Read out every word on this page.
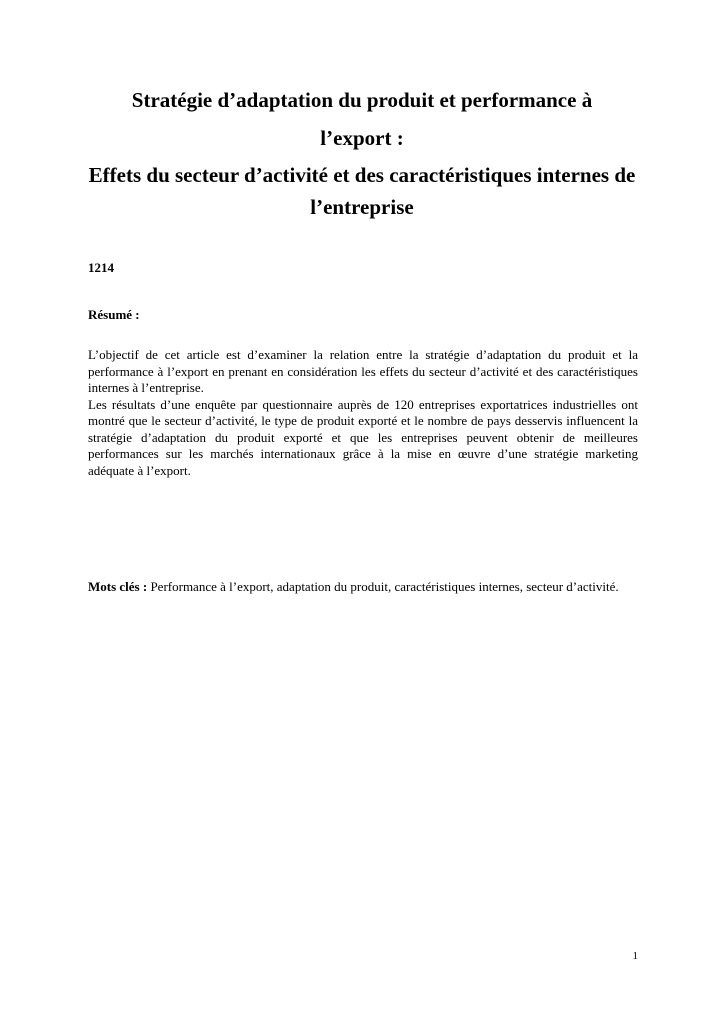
Stratégie d’adaptation du produit et performance à
l’export :
Effets du secteur d’activité et des caractéristiques internes de l’entreprise
1214
Résumé :

L’objectif de cet article est d’examiner la relation entre la stratégie d’adaptation du produit et la performance à l’export en prenant en considération les effets du secteur d’activité et des caractéristiques internes à l’entreprise.

Les résultats d’une enquête par questionnaire auprès de 120 entreprises exportatrices industrielles ont montré que le secteur d’activité, le type de produit exporté et le nombre de pays desservis influencent la stratégie d’adaptation du produit exporté et que les entreprises peuvent obtenir de meilleures performances sur les marchés internationaux grâce à la mise en œuvre d’une stratégie marketing adéquate à l’export.

Mots clés : Performance à l’export, adaptation du produit, caractéristiques internes, secteur d’activité.
1
